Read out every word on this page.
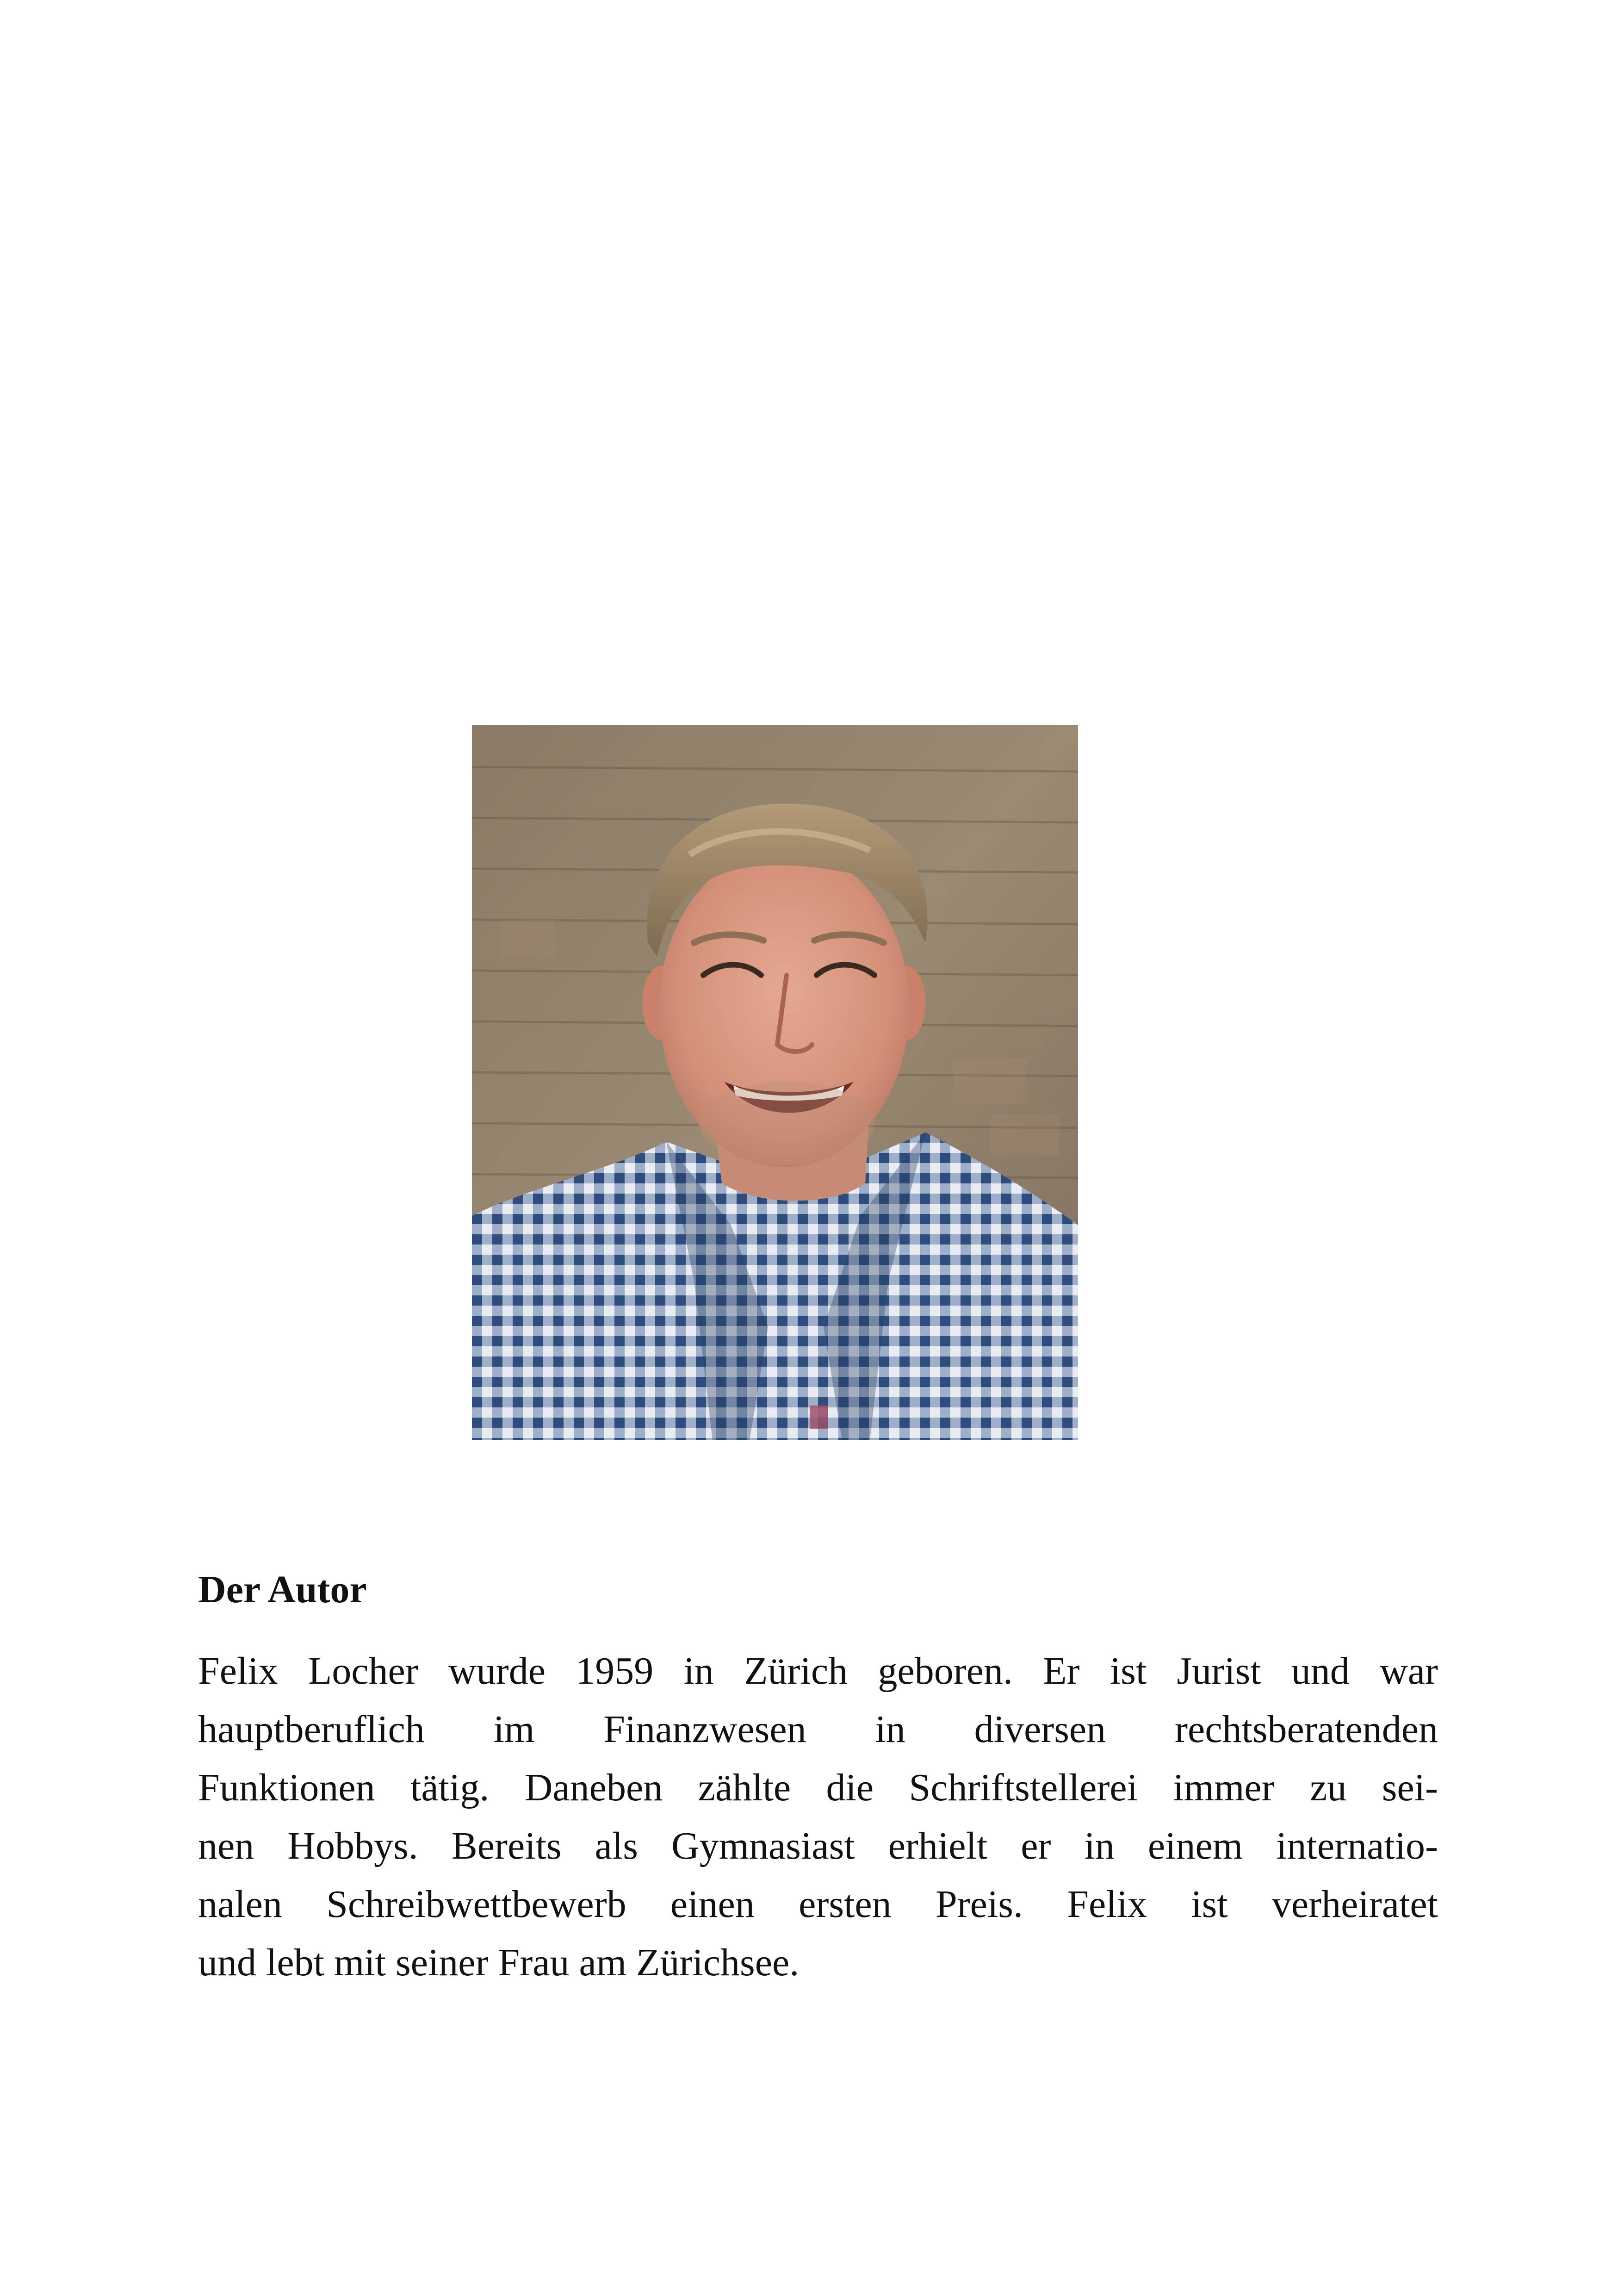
Der Autor

Felix Locher wurde 1959 in Zürich geboren. Er ist Jurist und war
hauptberuflich im Finanzwesen in diversen rechtsberatenden
Funktionen tätig. Daneben zählte die Schriftstellerei immer zu sei-
nen Hobbys. Bereits als Gymnasiast erhielt er in einem internatio-
nalen Schreibwettbewerb einen ersten Preis. Felix ist verheiratet
und lebt mit seiner Frau am Zürichsee.
